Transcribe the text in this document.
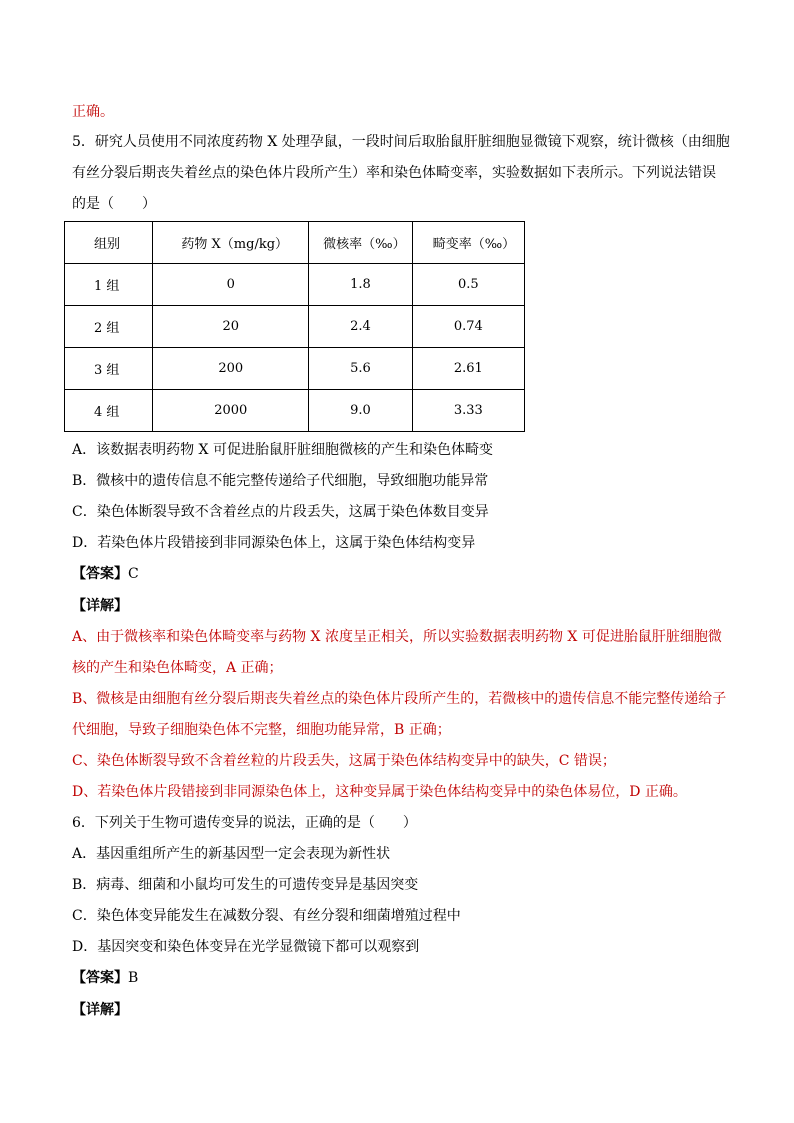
正确。
5．研究人员使用不同浓度药物 X 处理孕鼠，一段时间后取胎鼠肝脏细胞显微镜下观察，统计微核（由细胞
有丝分裂后期丧失着丝点的染色体片段所产生）率和染色体畸变率，实验数据如下表所示。下列说法错误
的是（　　）
组别	药物 X（mg/kg）	微核率（‰）	畸变率（‰）
1 组	0	1.8	0.5
2 组	20	2.4	0.74
3 组	200	5.6	2.61
4 组	2000	9.0	3.33
A．该数据表明药物 X 可促进胎鼠肝脏细胞微核的产生和染色体畸变
B．微核中的遗传信息不能完整传递给子代细胞，导致细胞功能异常
C．染色体断裂导致不含着丝点的片段丢失，这属于染色体数目变异
D．若染色体片段错接到非同源染色体上，这属于染色体结构变异
【答案】C
【详解】
A、由于微核率和染色体畸变率与药物 X 浓度呈正相关，所以实验数据表明药物 X 可促进胎鼠肝脏细胞微
核的产生和染色体畸变，A 正确；
B、微核是由细胞有丝分裂后期丧失着丝点的染色体片段所产生的，若微核中的遗传信息不能完整传递给子
代细胞，导致子细胞染色体不完整，细胞功能异常，B 正确；
C、染色体断裂导致不含着丝粒的片段丢失，这属于染色体结构变异中的缺失，C 错误；
D、若染色体片段错接到非同源染色体上，这种变异属于染色体结构变异中的染色体易位，D 正确。
6．下列关于生物可遗传变异的说法，正确的是（　　）
A．基因重组所产生的新基因型一定会表现为新性状
B．病毒、细菌和小鼠均可发生的可遗传变异是基因突变
C．染色体变异能发生在减数分裂、有丝分裂和细菌增殖过程中
D．基因突变和染色体变异在光学显微镜下都可以观察到
【答案】B
【详解】
